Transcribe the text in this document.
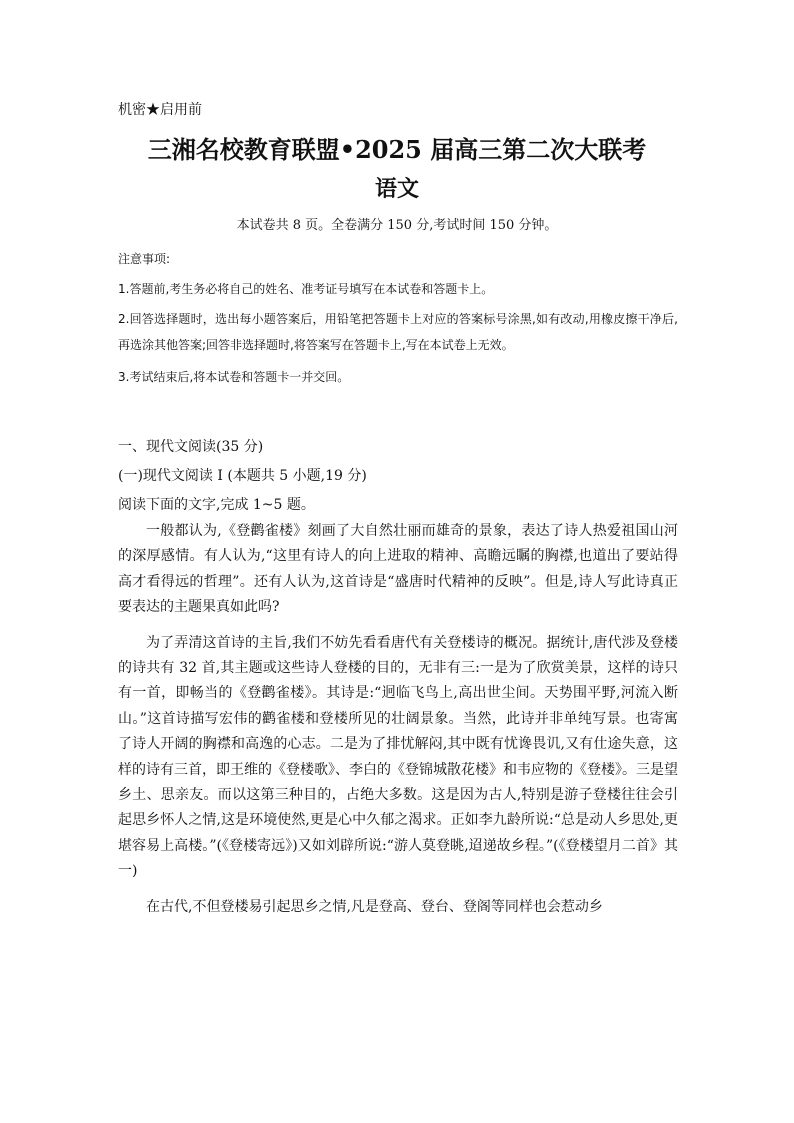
机密★启用前
三湘名校教育联盟•2025 届高三第二次大联考
语文
本试卷共 8 页。全卷满分 150 分,考试时间 150 分钟。
注意事项:
1.答题前,考生务必将自己的姓名、准考证号填写在本试卷和答题卡上。
2.回答选择题时，选出每小题答案后，用铅笔把答题卡上对应的答案标号涂黑,如有改动,用橡皮擦干净后,再选涂其他答案;回答非选择题时,将答案写在答题卡上,写在本试卷上无效。
3.考试结束后,将本试卷和答题卡一并交回。
一、现代文阅读(35 分)
(一)现代文阅读 I (本题共 5 小题,19 分)
阅读下面的文字,完成 1~5 题。

一般都认为,《登鹳雀楼》刻画了大自然壮丽而雄奇的景象，表达了诗人热爱祖国山河的深厚感情。有人认为,“这里有诗人的向上进取的精神、高瞻远瞩的胸襟,也道出了要站得高才看得远的哲理”。还有人认为,这首诗是“盛唐时代精神的反映”。但是,诗人写此诗真正要表达的主题果真如此吗?

为了弄清这首诗的主旨,我们不妨先看看唐代有关登楼诗的概况。据统计,唐代涉及登楼的诗共有 32 首,其主题或这些诗人登楼的目的，无非有三:一是为了欣赏美景，这样的诗只有一首，即畅当的《登鹳雀楼》。其诗是:“迥临飞鸟上,高出世尘间。天势围平野,河流入断山。”这首诗描写宏伟的鹳雀楼和登楼所见的壮阔景象。当然，此诗并非单纯写景。也寄寓了诗人开阔的胸襟和高逸的心志。二是为了排忧解闷,其中既有忧谗畏讥,又有仕途失意，这样的诗有三首，即王维的《登楼歌》、李白的《登锦城散花楼》和韦应物的《登楼》。三是望乡土、思亲友。而以这第三种目的，占绝大多数。这是因为古人,特别是游子登楼往往会引起思乡怀人之情,这是环境使然,更是心中久郁之渴求。正如李九龄所说:“总是动人乡思处,更堪容易上高楼。”(《登楼寄远》)又如刘辟所说:“游人莫登眺,迢递故乡程。”(《登楼望月二首》其一)

在古代,不但登楼易引起思乡之情,凡是登高、登台、登阁等同样也会惹动乡
